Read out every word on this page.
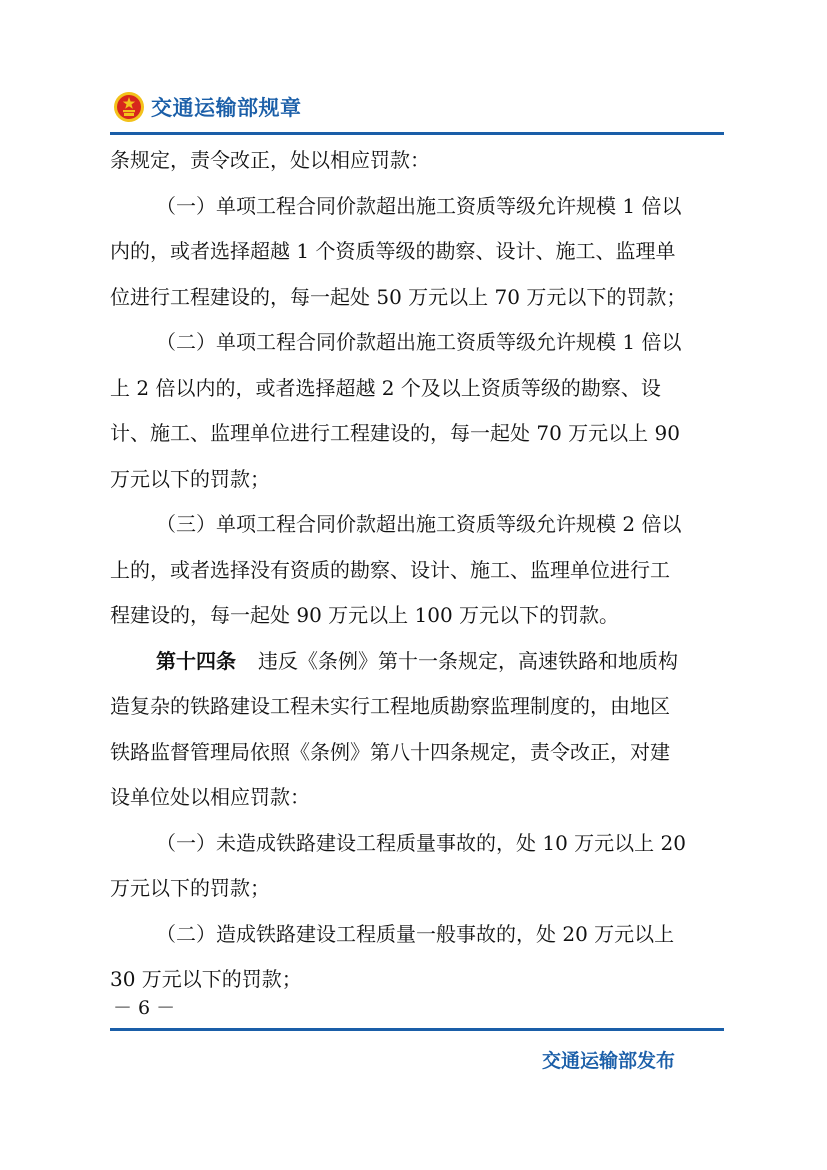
交通运输部规章
条规定，责令改正，处以相应罚款：
（一）单项工程合同价款超出施工资质等级允许规模 1 倍以
内的，或者选择超越 1 个资质等级的勘察、设计、施工、监理单
位进行工程建设的，每一起处 50 万元以上 70 万元以下的罚款；
（二）单项工程合同价款超出施工资质等级允许规模 1 倍以
上 2 倍以内的，或者选择超越 2 个及以上资质等级的勘察、设
计、施工、监理单位进行工程建设的，每一起处 70 万元以上 90
万元以下的罚款；
（三）单项工程合同价款超出施工资质等级允许规模 2 倍以
上的，或者选择没有资质的勘察、设计、施工、监理单位进行工
程建设的，每一起处 90 万元以上 100 万元以下的罚款。
第十四条 违反《条例》第十一条规定，高速铁路和地质构
造复杂的铁路建设工程未实行工程地质勘察监理制度的，由地区
铁路监督管理局依照《条例》第八十四条规定，责令改正，对建
设单位处以相应罚款：
（一）未造成铁路建设工程质量事故的，处 10 万元以上 20
万元以下的罚款；
（二）造成铁路建设工程质量一般事故的，处 20 万元以上
30 万元以下的罚款；
－ 6 －
交通运输部发布
